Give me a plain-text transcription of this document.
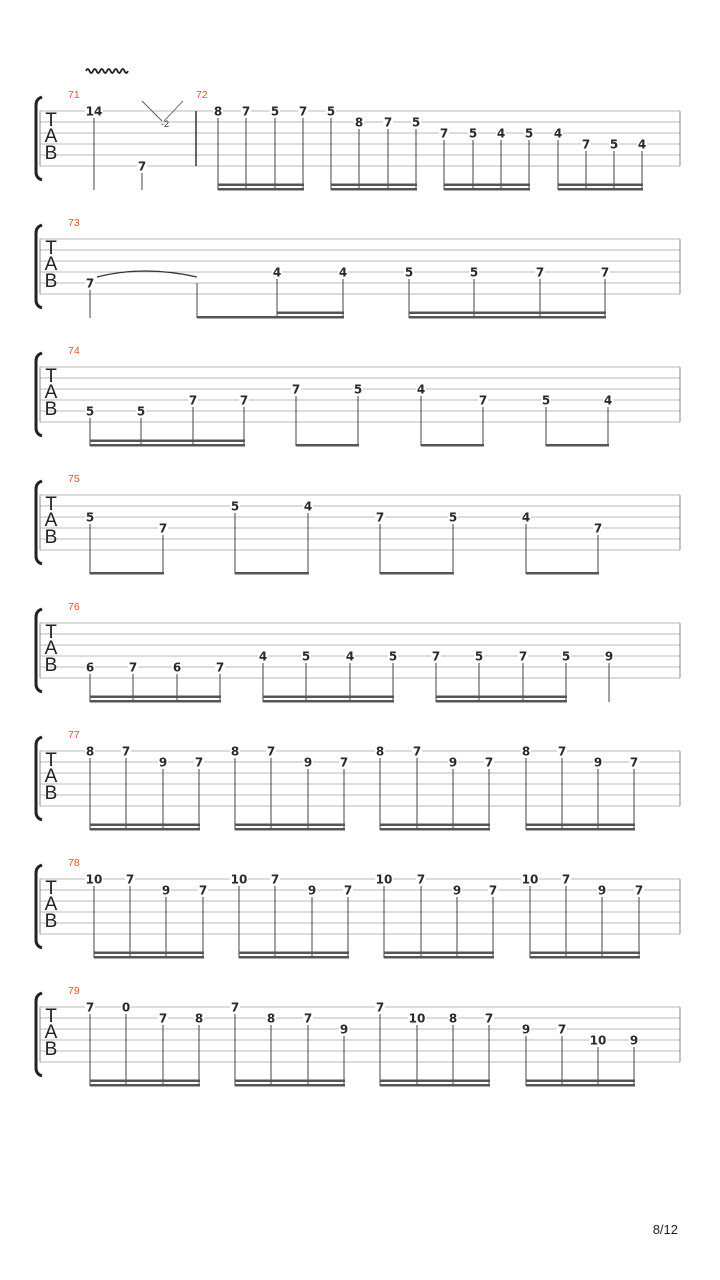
T
A
B
71
-2
14
7
72
8 7 5 7 5
8 7 5
7 5 4 5 4
7 5 4
T
A
B
73
7
4	4	5	5	7	7
T
A
B
74
5	5
7	7
7	5	4
7	5	4
T
A
B
75
5
7
5	4
7	5	4
7
T
A
B
76
6	7	6	7
4	5	4	5	7	5	7	5	9
T
A
B
77
8 7
9 7
8 7
9 7
8 7
9 7
8 7
9 7
T
A
B
78
10 7
9 7
10 7
9 7
10 7
9 7
10 7
9 7
T
A
B
79
7 0
7 8
7
8 7
9
7
10 8 7
9 7
10 9
8/12
